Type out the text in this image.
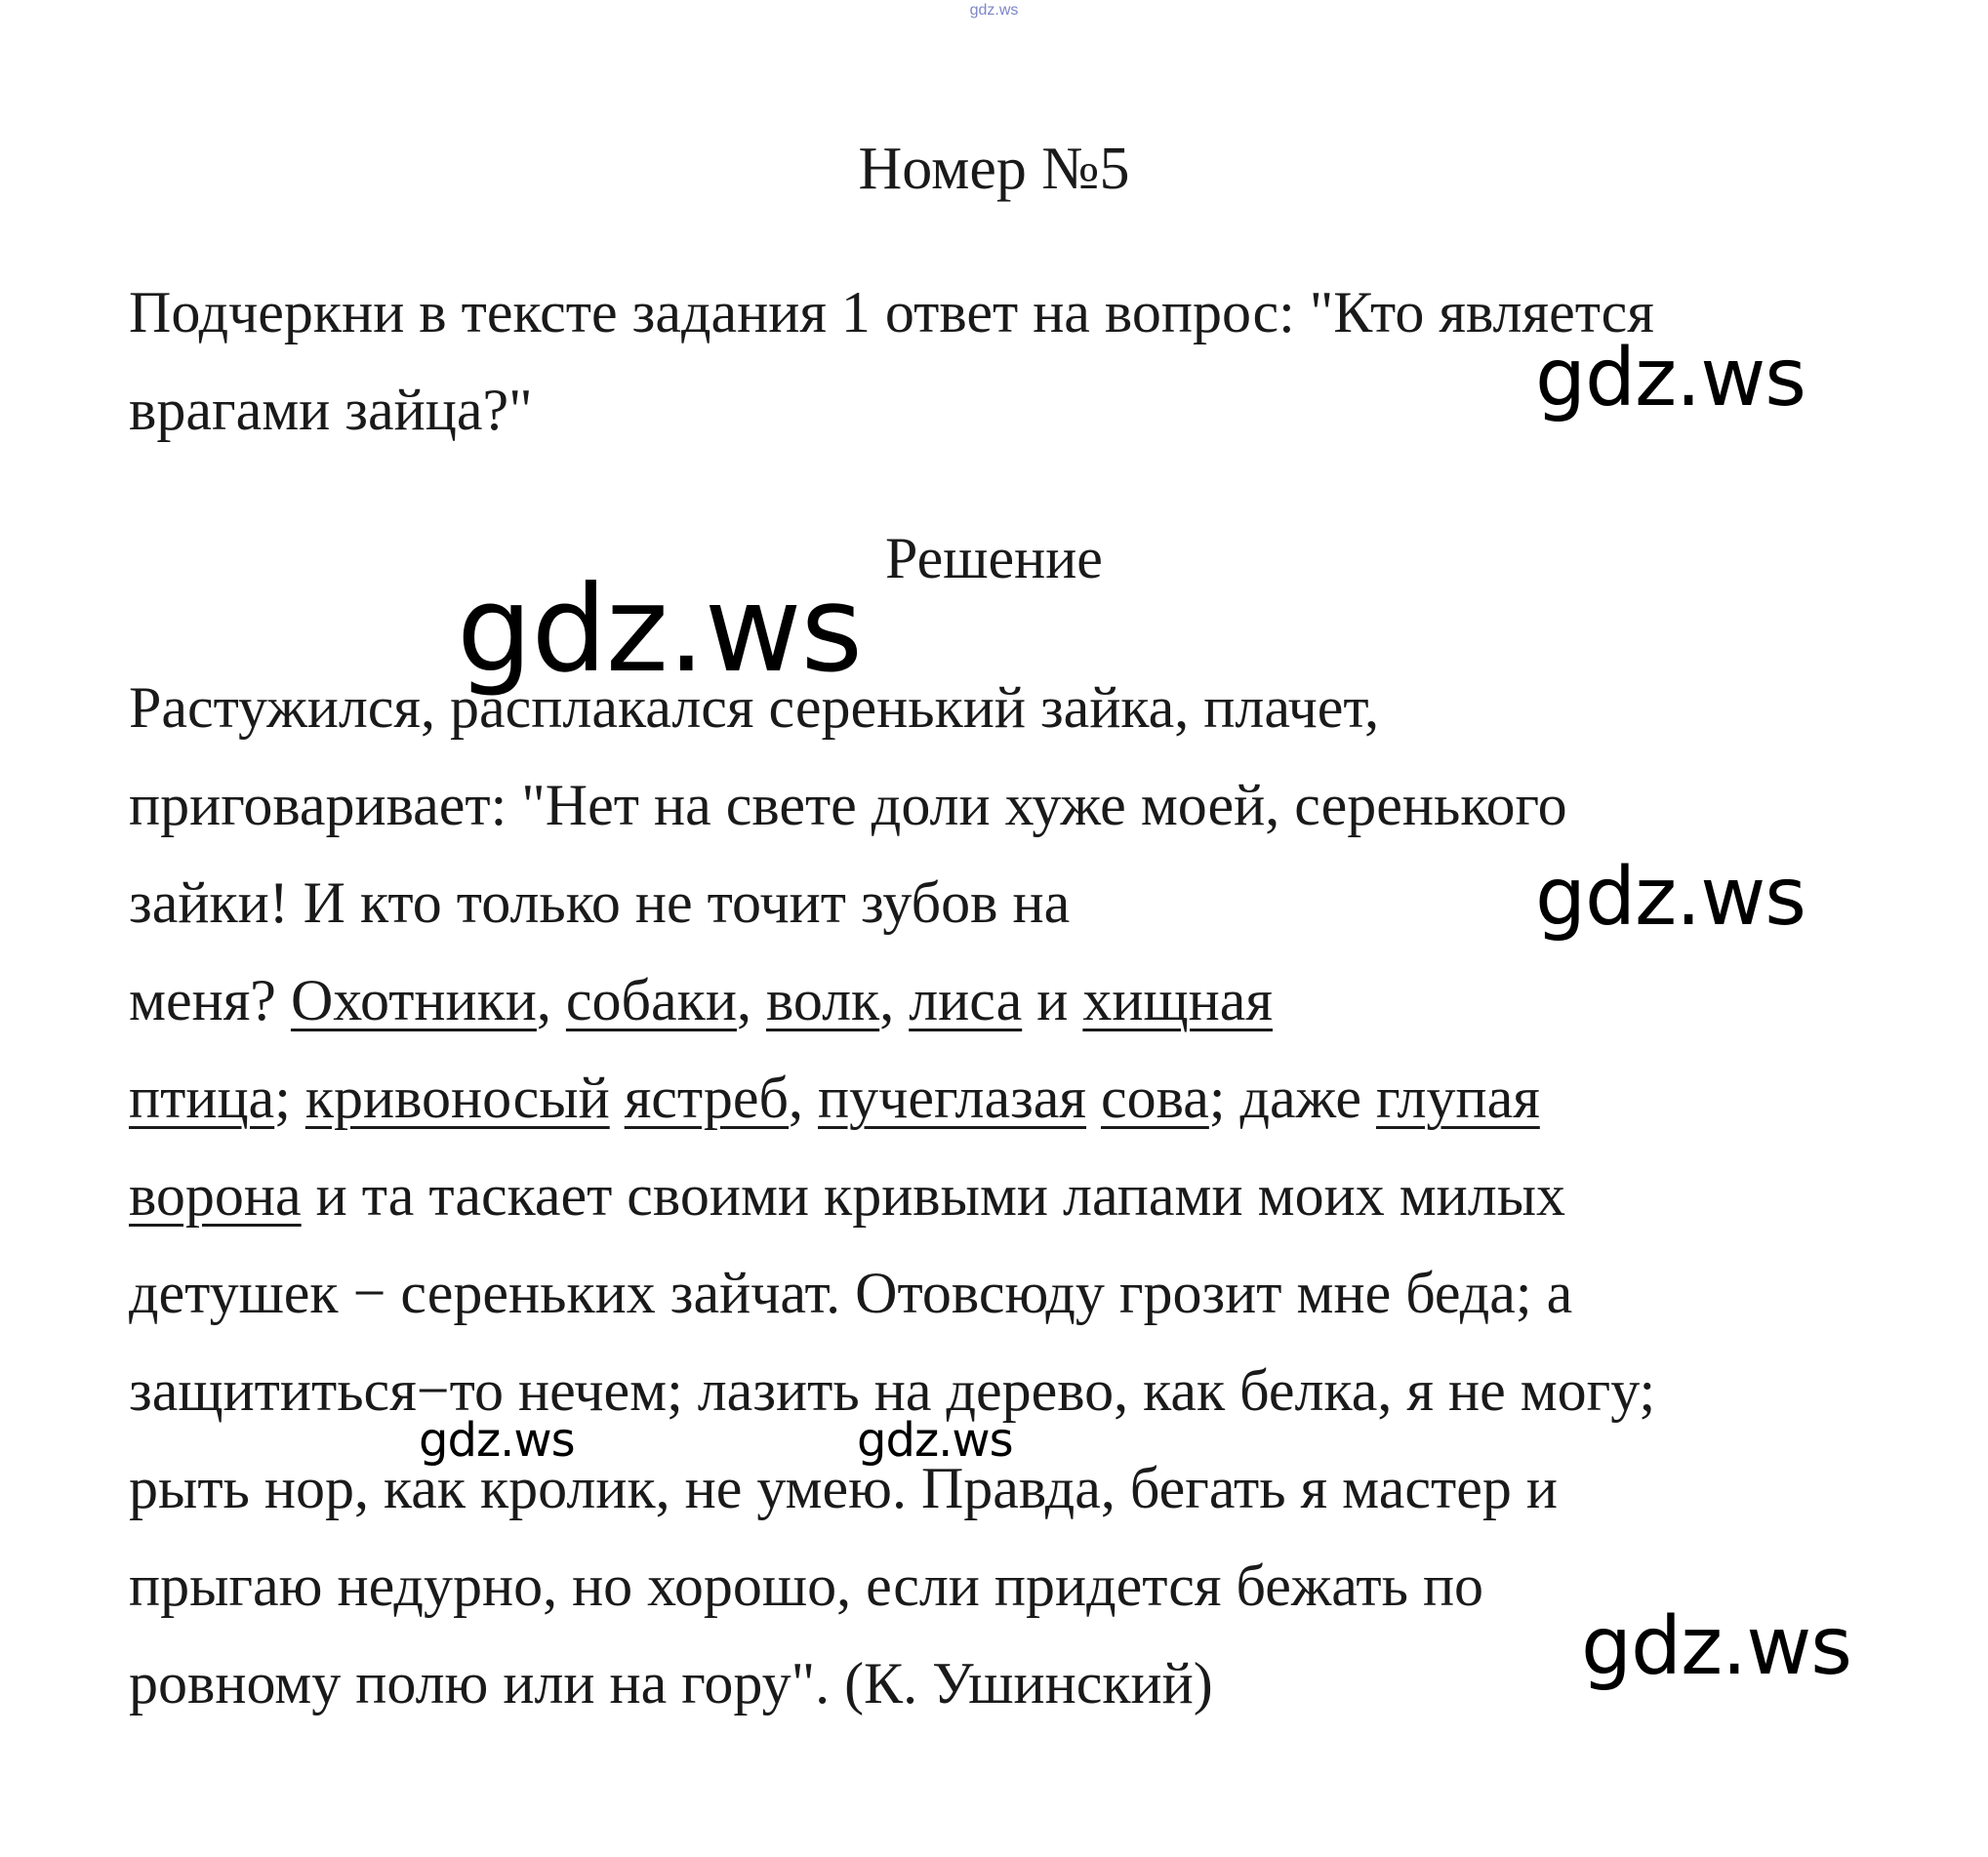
gdz.ws
Номер №5
Подчеркни в тексте задания 1 ответ на вопрос: "Кто является
врагами зайца?"
Решение
Растужился, расплакался серенький зайка, плачет,
приговаривает: "Нет на свете доли хуже моей, серенького
зайки! И кто только не точит зубов на
меня? Охотники, собаки, волк, лиса и хищная
птица; кривоносый ястреб, пучеглазая сова; даже глупая
ворона и та таскает своими кривыми лапами моих милых
детушек − сереньких зайчат. Отовсюду грозит мне беда; а
защититься−то нечем; лазить на дерево, как белка, я не могу;
рыть нор, как кролик, не умею. Правда, бегать я мастер и
прыгаю недурно, но хорошо, если придется бежать по
ровному полю или на гору". (К. Ушинский)
gdz.ws
gdz.ws
gdz.ws
gdz.ws	gdz.ws
gdz.ws
